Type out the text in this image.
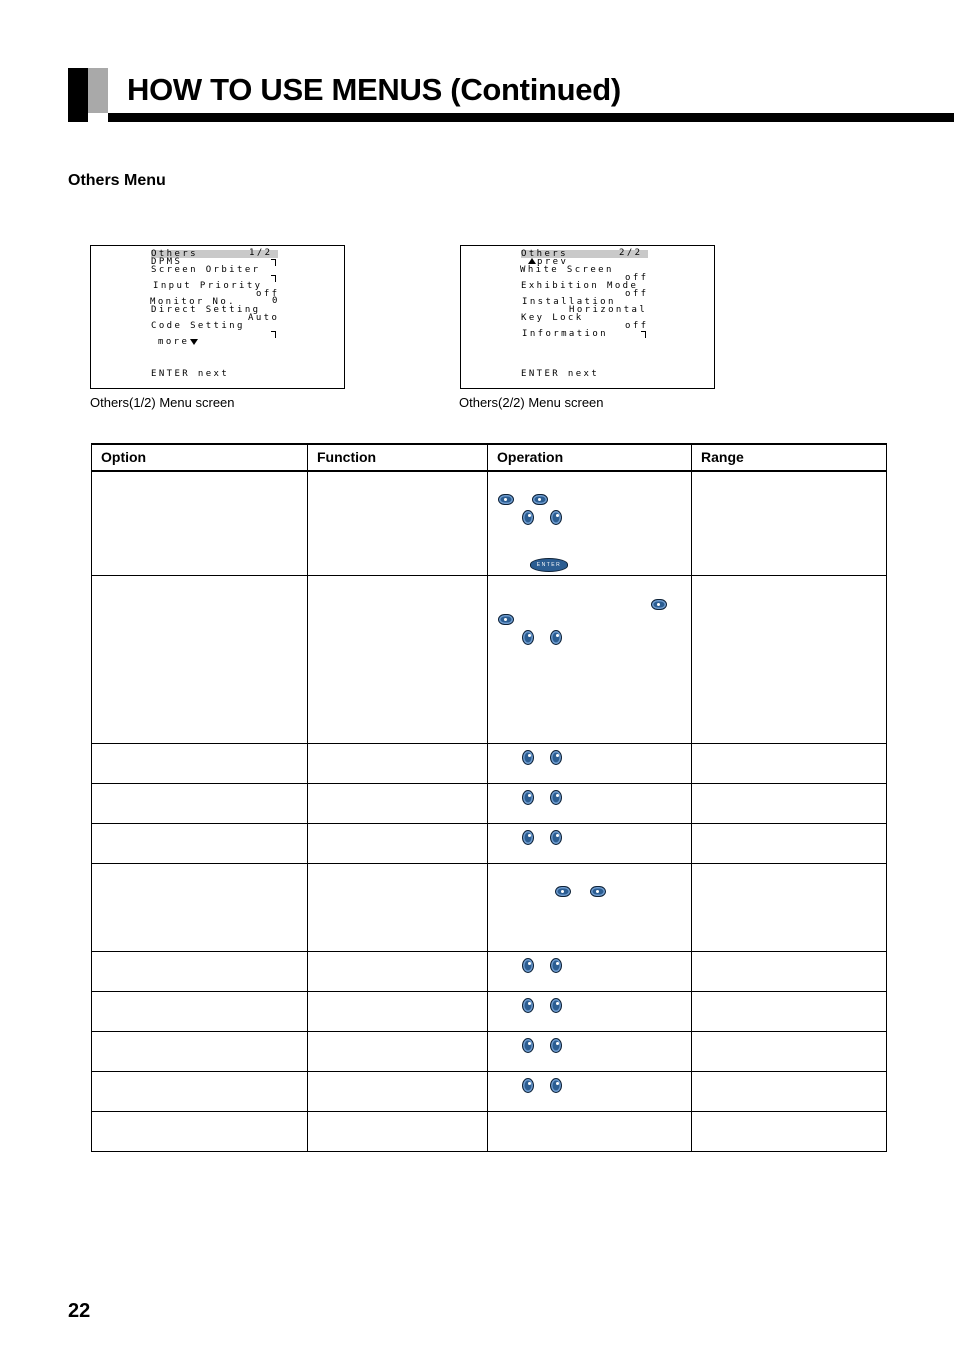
HOW TO USE MENUS (Continued)
Others Menu
Others	1/2
DPMS
Screen Orbiter
Input Priority
off
Monitor No.	0
Direct Setting
Auto
Code Setting
more
ENTER next
Others	2/2
prev
White Screen
off
Exhibition Mode
off
Installation
Horizontal
Key Lock
off
Information
ENTER next

Others(1/2) Menu screen	Others(2/2) Menu screen

Option	Function	Operation	Range

		ENTER	

22
